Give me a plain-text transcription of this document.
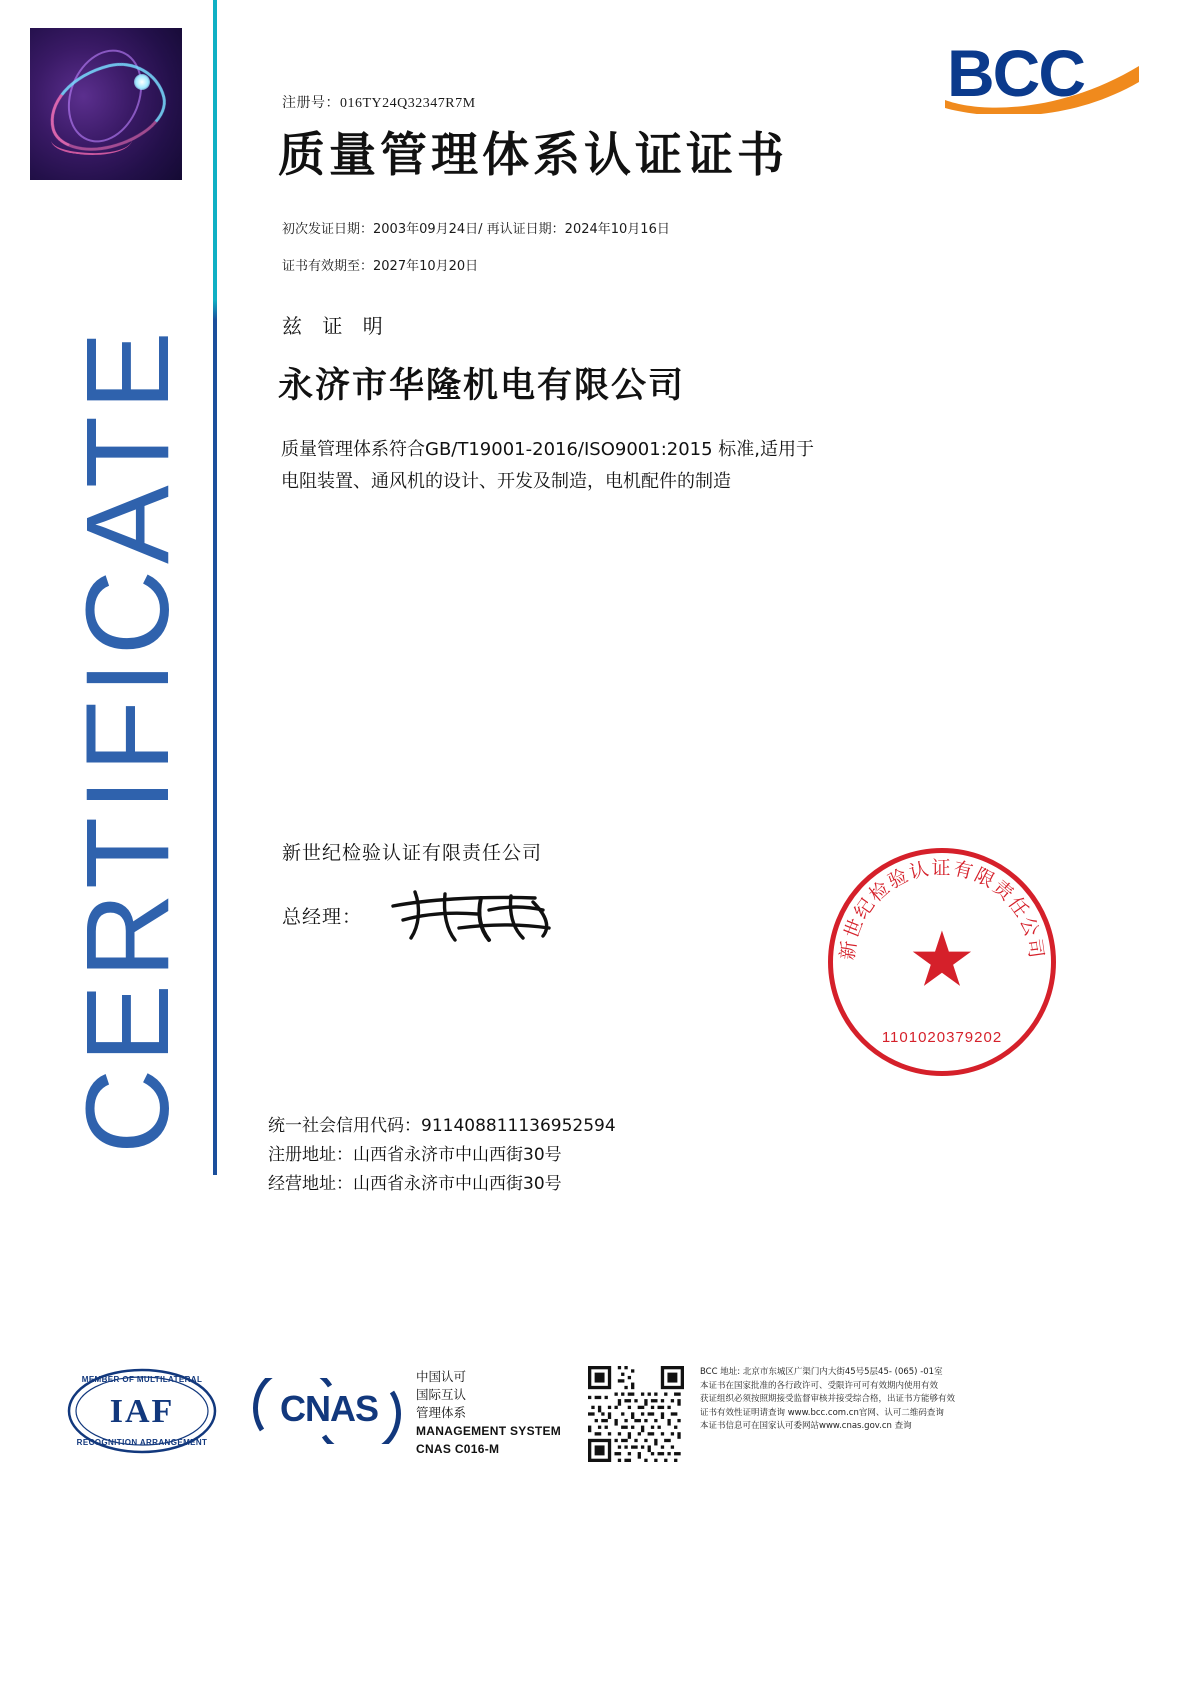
BCC
CERTIFICATE
注册号：016TY24Q32347R7M
质量管理体系认证证书
初次发证日期：2003年09月24日/ 再认证日期：2024年10月16日
证书有效期至：2027年10月20日
兹 证 明
永济市华隆机电有限公司
质量管理体系符合GB/T19001-2016/ISO9001:2015 标准,适用于
电阻装置、通风机的设计、开发及制造，电机配件的制造
新世纪检验认证有限责任公司
总经理：
新世纪检验认证有限责任公司
★
1101020379202
统一社会信用代码：911408811136952594
注册地址：山西省永济市中山西街30号
经营地址：山西省永济市中山西街30号
MEMBER OF MULTILATERAL
IAF
RECOGNITION ARRANGEMENT
CNAS
中国认可
国际互认
管理体系
MANAGEMENT SYSTEM
CNAS C016-M
BCC 地址: 北京市东城区广渠门内大街45号5层45- (065) -01室
本证书在国家批准的各行政许可、受限许可可有效期内使用有效
获证组织必须按照期接受监督审核并接受综合格，出证书方能够有效
证书有效性证明请查询 www.bcc.com.cn官网、认可二维码查询
本证书信息可在国家认可委网站www.cnas.gov.cn 查询
